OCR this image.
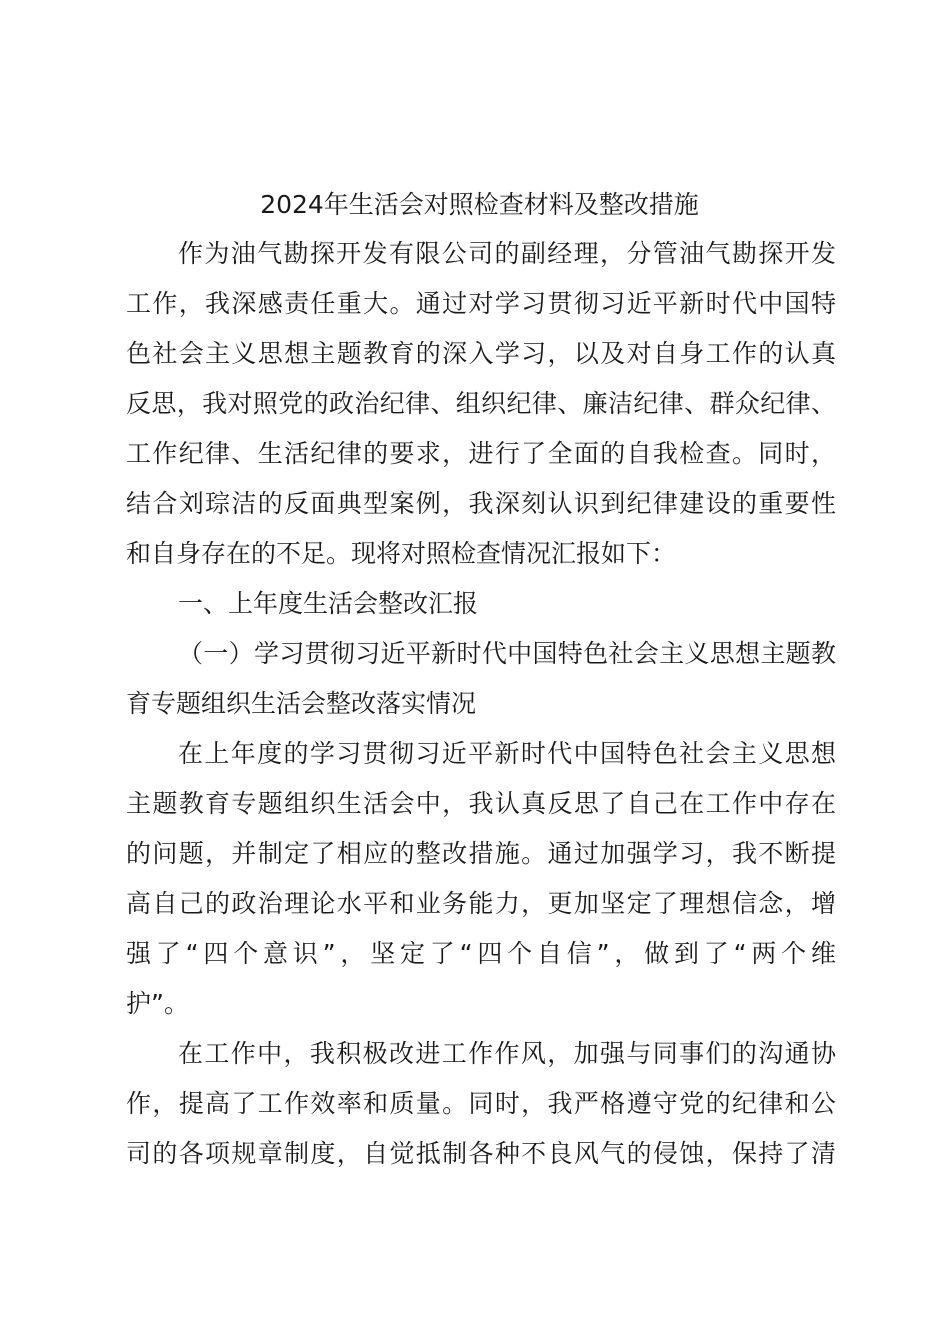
2024年生活会对照检查材料及整改措施
作为油气勘探开发有限公司的副经理，分管油气勘探开发
工作，我深感责任重大。通过对学习贯彻习近平新时代中国特
色社会主义思想主题教育的深入学习，以及对自身工作的认真
反思，我对照党的政治纪律、组织纪律、廉洁纪律、群众纪律、
工作纪律、生活纪律的要求，进行了全面的自我检查。同时，
结合刘琮洁的反面典型案例，我深刻认识到纪律建设的重要性
和自身存在的不足。现将对照检查情况汇报如下：
一、上年度生活会整改汇报
（一）学习贯彻习近平新时代中国特色社会主义思想主题教
育专题组织生活会整改落实情况
在上年度的学习贯彻习近平新时代中国特色社会主义思想
主题教育专题组织生活会中，我认真反思了自己在工作中存在
的问题，并制定了相应的整改措施。通过加强学习，我不断提
高自己的政治理论水平和业务能力，更加坚定了理想信念，增
强了“四个意识”，坚定了“四个自信”，做到了“两个维
护”。
在工作中，我积极改进工作作风，加强与同事们的沟通协
作，提高了工作效率和质量。同时，我严格遵守党的纪律和公
司的各项规章制度，自觉抵制各种不良风气的侵蚀，保持了清
